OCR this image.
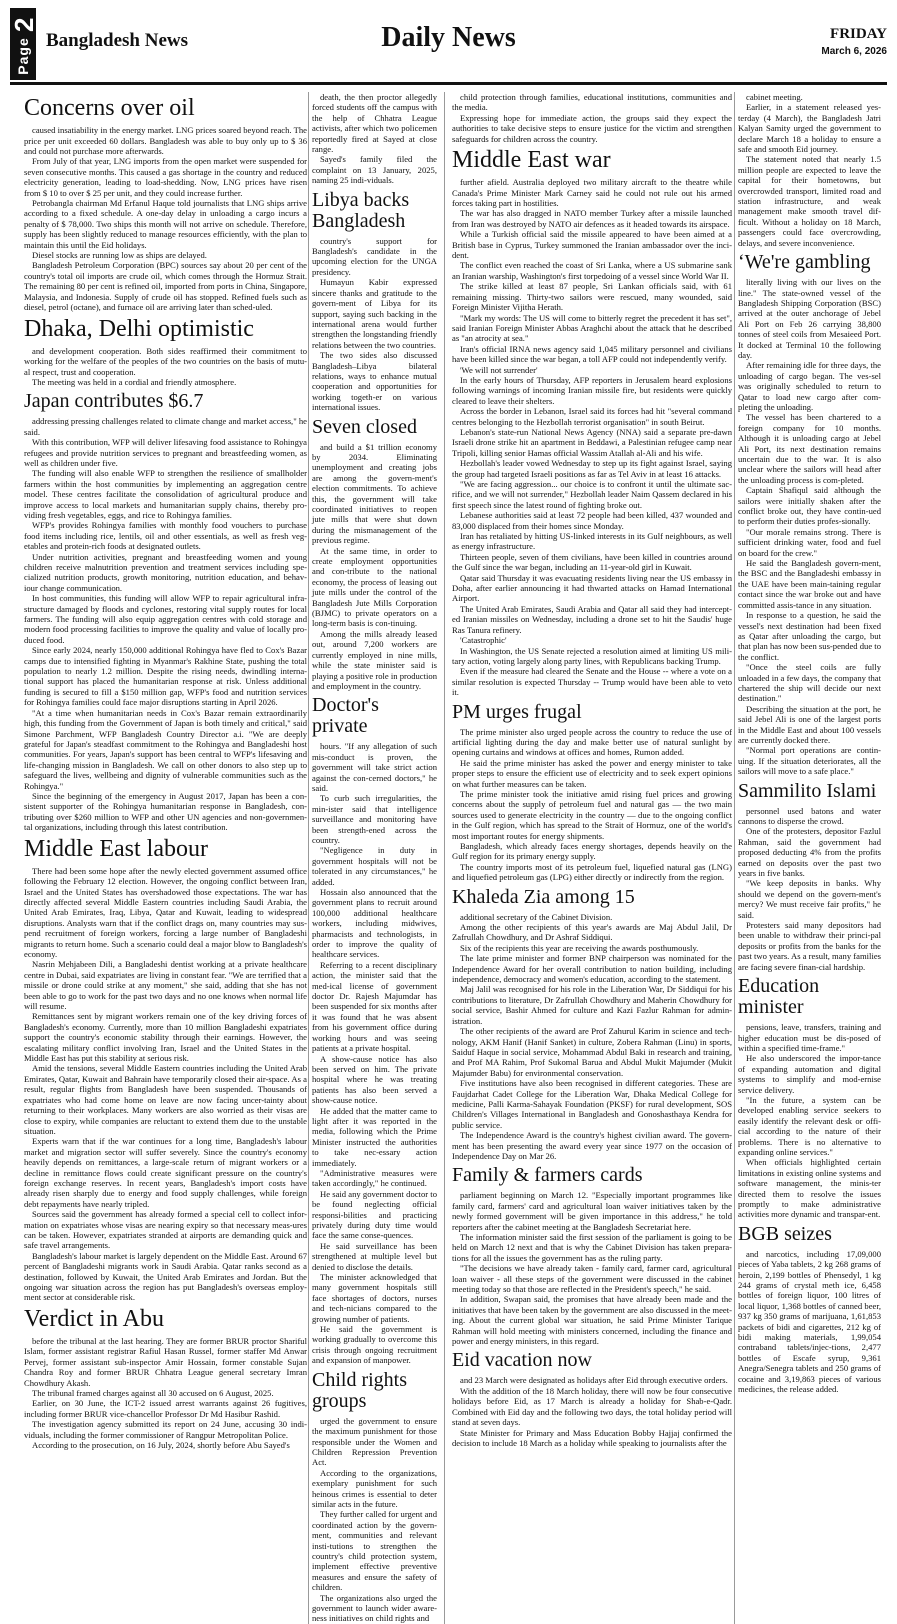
2
Page Bangladesh News	Daily News	FRIDAY
March 6, 2026
Concerns over oil

caused insatiability in the energy market. LNG prices soared beyond reach. The price per unit exceeded 60 dollars. Bangladesh was able to buy only up to $ 36 and could not purchase more afterwards.

From July of that year, LNG imports from the open market were suspended for seven consecutive months. This caused a gas shortage in the country and reduced electricity generation, leading to load-shedding. Now, LNG prices have risen from $ 10 to over $ 25 per unit, and they could increase further.

Petrobangla chairman Md Erfanul Haque told journalists that LNG ships arrive according to a fixed schedule. A one-day delay in unloading a cargo incurs a penalty of $ 78,000. Two ships this month will not arrive on schedule. Therefore, supply has been slightly reduced to manage resources efficiently, with the plan to maintain this until the Eid holidays.

Diesel stocks are running low as ships are delayed.

Bangladesh Petroleum Corporation (BPC) sources say about 20 per cent of the country's total oil imports are crude oil, which comes through the Hormuz Strait. The remaining 80 per cent is refined oil, imported from ports in China, Singapore, Malaysia, and Indonesia. Supply of crude oil has stopped. Refined fuels such as diesel, petrol (octane), and furnace oil are arriving later than sched-uled.

Dhaka, Delhi optimistic

and development cooperation. Both sides reaffirmed their commitment to working for the welfare of the peoples of the two countries on the basis of mutu-al respect, trust and cooperation.

The meeting was held in a cordial and friendly atmosphere.

Japan contributes $6.7

addressing pressing challenges related to climate change and market access," he said.

With this contribution, WFP will deliver lifesaving food assistance to Rohingya refugees and provide nutrition services to pregnant and breastfeeding women, as well as children under five.

The funding will also enable WFP to strengthen the resilience of smallholder farmers within the host communities by implementing an aggregation centre model. These centres facilitate the consolidation of agricultural produce and improve access to local markets and humanitarian supply chains, thereby pro-viding fresh vegetables, eggs, and rice to Rohingya families.

WFP's provides Rohingya families with monthly food vouchers to purchase food items including rice, lentils, oil and other essentials, as well as fresh veg-etables and protein-rich foods at designated outlets.

Under nutrition activities, pregnant and breastfeeding women and young children receive malnutrition prevention and treatment services including spe-cialized nutrition products, growth monitoring, nutrition education, and behav-iour change communication.

In host communities, this funding will allow WFP to repair agricultural infra-structure damaged by floods and cyclones, restoring vital supply routes for local farmers. The funding will also equip aggregation centres with cold storage and modern food processing facilities to improve the quality and value of locally pro-duced food.

Since early 2024, nearly 150,000 additional Rohingya have fled to Cox's Bazar camps due to intensified fighting in Myanmar's Rakhine State, pushing the total population to nearly 1.2 million. Despite the rising needs, dwindling interna-tional support has placed the humanitarian response at risk. Unless additional funding is secured to fill a $150 million gap, WFP's food and nutrition services for Rohingya families could face major disruptions starting in April 2026.

"At a time when humanitarian needs in Cox's Bazar remain extraordinarily high, this funding from the Government of Japan is both timely and critical," said Simone Parchment, WFP Bangladesh Country Director a.i. "We are deeply grateful for Japan's steadfast commitment to the Rohingya and Bangladeshi host communities. For years, Japan's support has been central to WFP's lifesaving and life-changing mission in Bangladesh. We call on other donors to also step up to safeguard the lives, wellbeing and dignity of vulnerable communities such as the Rohingya."

Since the beginning of the emergency in August 2017, Japan has been a con-sistent supporter of the Rohingya humanitarian response in Bangladesh, con-tributing over $260 million to WFP and other UN agencies and non-governmen-tal organizations, including through this latest contribution.

Middle East labour

There had been some hope after the newly elected government assumed office following the February 12 election. However, the ongoing conflict between Iran, Israel and the United States has overshadowed those expectations. The war has directly affected several Middle Eastern countries including Saudi Arabia, the United Arab Emirates, Iraq, Libya, Qatar and Kuwait, leading to widespread disruptions. Analysts warn that if the conflict drags on, many countries may sus-pend recruitment of foreign workers, forcing a large number of Bangladeshi migrants to return home. Such a scenario could deal a major blow to Bangladesh's economy.

Nasrin Mehjabeen Dili, a Bangladeshi dentist working at a private healthcare centre in Dubai, said expatriates are living in constant fear. "We are terrified that a missile or drone could strike at any moment," she said, adding that she has not been able to go to work for the past two days and no one knows when normal life will resume.

Remittances sent by migrant workers remain one of the key driving forces of Bangladesh's economy. Currently, more than 10 million Bangladeshi expatriates support the country's economic stability through their earnings. However, the escalating military conflict involving Iran, Israel and the United States in the Middle East has put this stability at serious risk.

Amid the tensions, several Middle Eastern countries including the United Arab Emirates, Qatar, Kuwait and Bahrain have temporarily closed their air-space. As a result, regular flights from Bangladesh have been suspended. Thousands of expatriates who had come home on leave are now facing uncer-tainty about returning to their workplaces. Many workers are also worried as their visas are close to expiry, while companies are reluctant to extend them due to the unstable situation.

Experts warn that if the war continues for a long time, Bangladesh's labour market and migration sector will suffer severely. Since the country's economy heavily depends on remittances, a large-scale return of migrant workers or a decline in remittance flows could create significant pressure on the country's foreign exchange reserves. In recent years, Bangladesh's import costs have already risen sharply due to energy and food supply challenges, while foreign debt repayments have nearly tripled.

Sources said the government has already formed a special cell to collect infor-mation on expatriates whose visas are nearing expiry so that necessary meas-ures can be taken. However, expatriates stranded at airports are demanding quick and safe travel arrangements.

Bangladesh's labour market is largely dependent on the Middle East. Around 67 percent of Bangladeshi migrants work in Saudi Arabia. Qatar ranks second as a destination, followed by Kuwait, the United Arab Emirates and Jordan. But the ongoing war situation across the region has put Bangladesh's overseas employ-ment sector at considerable risk.

Verdict in Abu

before the tribunal at the last hearing. They are former BRUR proctor Shariful Islam, former assistant registrar Rafiul Hasan Russel, former staffer Md Anwar Pervej, former assistant sub-inspector Amir Hossain, former constable Sujan Chandra Roy and former BRUR Chhatra League general secretary Imran Chowdhury Akash.

The tribunal framed charges against all 30 accused on 6 August, 2025.

Earlier, on 30 June, the ICT-2 issued arrest warrants against 26 fugitives, including former BRUR vice-chancellor Professor Dr Md Hasibur Rashid.

The investigation agency submitted its report on 24 June, accusing 30 indi-viduals, including the former commissioner of Rangpur Metropolitan Police.

According to the prosecution, on 16 July, 2024, shortly before Abu Sayed's

death, the then proctor allegedly forced students off the campus with the help of Chhatra League activists, after which two policemen reportedly fired at Sayed at close range.

Sayed's family filed the complaint on 13 January, 2025, naming 25 indi-viduals.

Libya backs Bangladesh

country's support for Bangladesh's candidate in the upcoming election for the UNGA presidency.

Humayun Kabir expressed sincere thanks and gratitude to the govern-ment of Libya for its support, saying such backing in the international arena would further strengthen the longstanding friendly relations between the two countries.

The two sides also discussed Bangladesh–Libya bilateral relations, ways to enhance mutual cooperation and opportunities for working togeth-er on various international issues.

Seven closed

and build a $1 trillion economy by 2034. Eliminating unemployment and creating jobs are among the govern-ment's election commitments. To achieve this, the government will take coordinated initiatives to reopen jute mills that were shut down during the mismanagement of the previous regime.

At the same time, in order to create employment opportunities and con-tribute to the national economy, the process of leasing out jute mills under the control of the Bangladesh Jute Mills Corporation (BJMC) to private operators on a long-term basis is con-tinuing.

Among the mills already leased out, around 7,200 workers are currently employed in nine mills, while the state minister said is playing a positive role in production and employment in the country.

Doctor's private

hours. "If any allegation of such mis-conduct is proven, the government will take strict action against the con-cerned doctors," he said.

To curb such irregularities, the min-ister said that intelligence surveillance and monitoring have been strength-ened across the country.

"Negligence in duty in government hospitals will not be tolerated in any circumstances," he added.

Hossain also announced that the government plans to recruit around 100,000 additional healthcare workers, including midwives, pharmacists and technologists, in order to improve the quality of healthcare services.

Referring to a recent disciplinary action, the minister said that the med-ical license of government doctor Dr. Rajesh Majumdar has been suspended for six months after it was found that he was absent from his government office during working hours and was seeing patients at a private hospital.

A show-cause notice has also been served on him. The private hospital where he was treating patients has also been served a show-cause notice.

He added that the matter came to light after it was reported in the media, following which the Prime Minister instructed the authorities to take nec-essary action immediately.

"Administrative measures were taken accordingly," he continued.

He said any government doctor to be found neglecting official responsi-bilities and practicing privately during duty time would face the same conse-quences.

He said surveillance has been strengthened at multiple level but denied to disclose the details.

The minister acknowledged that many government hospitals still face shortages of doctors, nurses and tech-nicians compared to the growing number of patients.

He said the government is working gradually to overcome this crisis through ongoing recruitment and expansion of manpower.

Child rights groups

urged the government to ensure the maximum punishment for those responsible under the Women and Children Repression Prevention Act.

According to the organizations, exemplary punishment for such heinous crimes is essential to deter similar acts in the future.

They further called for urgent and coordinated action by the govern-ment, communities and relevant insti-tutions to strengthen the country's child protection system, implement effective preventive measures and ensure the safety of children.

The organizations also urged the government to launch wider aware-ness initiatives on child rights and

child protection through families, educational institutions, communities and the media.

Expressing hope for immediate action, the groups said they expect the authorities to take decisive steps to ensure justice for the victim and strengthen safeguards for children across the country.

Middle East war

further afield. Australia deployed two military aircraft to the theatre while Canada's Prime Minister Mark Carney said he could not rule out his armed forces taking part in hostilities.

The war has also dragged in NATO member Turkey after a missile launched from Iran was destroyed by NATO air defences as it headed towards its airspace.

While a Turkish official said the missile appeared to have been aimed at a British base in Cyprus, Turkey summoned the Iranian ambassador over the inci-dent.

The conflict even reached the coast of Sri Lanka, where a US submarine sank an Iranian warship, Washington's first torpedoing of a vessel since World War II.

The strike killed at least 87 people, Sri Lankan officials said, with 61 remaining missing. Thirty-two sailors were rescued, many wounded, said Foreign Minister Vijitha Herath.

"Mark my words: The US will come to bitterly regret the precedent it has set", said Iranian Foreign Minister Abbas Araghchi about the attack that he described as "an atrocity at sea."

Iran's official IRNA news agency said 1,045 military personnel and civilians have been killed since the war began, a toll AFP could not independently verify.

'We will not surrender'

In the early hours of Thursday, AFP reporters in Jerusalem heard explosions following warnings of incoming Iranian missile fire, but residents were quickly cleared to leave their shelters.

Across the border in Lebanon, Israel said its forces had hit "several command centres belonging to the Hezbollah terrorist organisation" in south Beirut.

Lebanon's state-run National News Agency (NNA) said a separate pre-dawn Israeli drone strike hit an apartment in Beddawi, a Palestinian refugee camp near Tripoli, killing senior Hamas official Wassim Atallah al-Ali and his wife.

Hezbollah's leader vowed Wednesday to step up its fight against Israel, saying the group had targeted Israeli positions as far as Tel Aviv in at least 16 attacks.

"We are facing aggression... our choice is to confront it until the ultimate sac-rifice, and we will not surrender," Hezbollah leader Naim Qassem declared in his first speech since the latest round of fighting broke out.

Lebanese authorities said at least 72 people had been killed, 437 wounded and 83,000 displaced from their homes since Monday.

Iran has retaliated by hitting US-linked interests in its Gulf neighbours, as well as energy infrastructure.

Thirteen people, seven of them civilians, have been killed in countries around the Gulf since the war began, including an 11-year-old girl in Kuwait.

Qatar said Thursday it was evacuating residents living near the US embassy in Doha, after earlier announcing it had thwarted attacks on Hamad International Airport.

The United Arab Emirates, Saudi Arabia and Qatar all said they had intercept-ed Iranian missiles on Wednesday, including a drone set to hit the Saudis' huge Ras Tanura refinery.

'Catastrophic'

In Washington, the US Senate rejected a resolution aimed at limiting US mili-tary action, voting largely along party lines, with Republicans backing Trump.

Even if the measure had cleared the Senate and the House -- where a vote on a similar resolution is expected Thursday -- Trump would have been able to veto it.

PM urges frugal

The prime minister also urged people across the country to reduce the use of artificial lighting during the day and make better use of natural sunlight by opening curtains and windows at offices and homes, Rumon added.

He said the prime minister has asked the power and energy minister to take proper steps to ensure the efficient use of electricity and to seek expert opinions on what further measures can be taken.

The prime minister took the initiative amid rising fuel prices and growing concerns about the supply of petroleum fuel and natural gas — the two main sources used to generate electricity in the country — due to the ongoing conflict in the Gulf region, which has spread to the Strait of Hormuz, one of the world's most important routes for energy shipments.

Bangladesh, which already faces energy shortages, depends heavily on the Gulf region for its primary energy supply.

The country imports most of its petroleum fuel, liquefied natural gas (LNG) and liquefied petroleum gas (LPG) either directly or indirectly from the region.

Khaleda Zia among 15

additional secretary of the Cabinet Division.

Among the other recipients of this year's awards are Maj Abdul Jalil, Dr Zafrullah Chowdhury, and Dr Ashraf Siddiqui.

Six of the recipients this year are receiving the awards posthumously.

The late prime minister and former BNP chairperson was nominated for the Independence Award for her overall contribution to nation building, including independence, democracy and women's education, according to the statement.

Maj Jalil was recognised for his role in the Liberation War, Dr Siddiqui for his contributions to literature, Dr Zafrullah Chowdhury and Maherin Chowdhury for social service, Bashir Ahmed for culture and Kazi Fazlur Rahman for admin-istration.

The other recipients of the award are Prof Zahurul Karim in science and tech-nology, AKM Hanif (Hanif Sanket) in culture, Zobera Rahman (Linu) in sports, Saiduf Haque in social service, Mohammad Abdul Baki in research and training, and Prof MA Rahim, Prof Sukomal Barua and Abdul Mukit Majumder (Mukit Majumder Babu) for environmental conservation.

Five institutions have also been recognised in different categories. These are Faujdarhat Cadet College for the Liberation War, Dhaka Medical College for medicine, Palli Karma-Sahayak Foundation (PKSF) for rural development, SOS Children's Villages International in Bangladesh and Gonoshasthaya Kendra for public service.

The Independence Award is the country's highest civilian award. The govern-ment has been presenting the award every year since 1977 on the occasion of Independence Day on Mar 26.

Family & farmers cards

parliament beginning on March 12. "Especially important programmes like family card, farmers' card and agricultural loan waiver initiatives taken by the newly formed government will be given importance in this address," he told reporters after the cabinet meeting at the Bangladesh Secretariat here.

The information minister said the first session of the parliament is going to be held on March 12 next and that is why the Cabinet Division has taken prepara-tions for all the issues the government has as the ruling party.

"The decisions we have already taken - family card, farmer card, agricultural loan waiver - all these steps of the government were discussed in the cabinet meeting today so that those are reflected in the President's speech," he said.

In addition, Swapan said, the promises that have already been made and the initiatives that have been taken by the government are also discussed in the meet-ing. About the current global war situation, he said Prime Minister Tarique Rahman will hold meeting with ministers concerned, including the finance and power and energy ministers, in this regard.

Eid vacation now

and 23 March were designated as holidays after Eid through executive orders.

With the addition of the 18 March holiday, there will now be four consecutive holidays before Eid, as 17 March is already a holiday for Shab-e-Qadr. Combined with Eid day and the following two days, the total holiday period will stand at seven days.

State Minister for Primary and Mass Education Bobby Hajjaj confirmed the decision to include 18 March as a holiday while speaking to journalists after the

cabinet meeting.

Earlier, in a statement released yes-terday (4 March), the Bangladesh Jatri Kalyan Samity urged the government to declare March 18 a holiday to ensure a safe and smooth Eid journey.

The statement noted that nearly 1.5 million people are expected to leave the capital for their hometowns, but overcrowded transport, limited road and station infrastructure, and weak management make smooth travel dif-ficult. Without a holiday on 18 March, passengers could face overcrowding, delays, and severe inconvenience.

‘We're gambling

literally living with our lives on the line." The state-owned vessel of the Bangladesh Shipping Corporation (BSC) arrived at the outer anchorage of Jebel Ali Port on Feb 26 carrying 38,800 tonnes of steel coils from Mesaieed Port. It docked at Terminal 10 the following day.

After remaining idle for three days, the unloading of cargo began. The ves-sel was originally scheduled to return to Qatar to load new cargo after com-pleting the unloading.

The vessel has been chartered to a foreign company for 10 months. Although it is unloading cargo at Jebel Ali Port, its next destination remains uncertain due to the war. It is also unclear where the sailors will head after the unloading process is com-pleted.

Captain Shafiqul said although the sailors were initially shaken after the conflict broke out, they have contin-ued to perform their duties profes-sionally.

"Our morale remains strong. There is sufficient drinking water, food and fuel on board for the crew."

He said the Bangladesh govern-ment, the BSC and the Bangladeshi embassy in the UAE have been main-taining regular contact since the war broke out and have committed assis-tance in any situation.

In response to a question, he said the vessel's next destination had been fixed as Qatar after unloading the cargo, but that plan has now been sus-pended due to the conflict.

"Once the steel coils are fully unloaded in a few days, the company that chartered the ship will decide our next destination."

Describing the situation at the port, he said Jebel Ali is one of the largest ports in the Middle East and about 100 vessels are currently docked there.

"Normal port operations are contin-uing. If the situation deteriorates, all the sailors will move to a safe place."

Sammilito Islami

personnel used batons and water cannons to disperse the crowd.

One of the protesters, depositor Fazlul Rahman, said the government had proposed deducting 4% from the profits earned on deposits over the past two years in five banks.

"We keep deposits in banks. Why should we depend on the govern-ment's mercy? We must receive fair profits," he said.

Protesters said many depositors had been unable to withdraw their princi-pal deposits or profits from the banks for the past two years. As a result, many families are facing severe finan-cial hardship.

Education minister

pensions, leave, transfers, training and higher education must be dis-posed of within a specified time-frame."

He also underscored the impor-tance of expanding automation and digital systems to simplify and mod-ernise service delivery.

"In the future, a system can be developed enabling service seekers to easily identify the relevant desk or offi-cial according to the nature of their problems. There is no alternative to expanding online services."

When officials highlighted certain limitations in existing online systems and software management, the minis-ter directed them to resolve the issues promptly to make administrative activities more dynamic and transpar-ent.

BGB seizes

and narcotics, including 17,09,000 pieces of Yaba tablets, 2 kg 268 grams of heroin, 2,199 bottles of Phensedyl, 1 kg 244 grams of crystal meth ice, 6,458 bottles of foreign liquor, 100 litres of local liquor, 1,368 bottles of canned beer, 937 kg 350 grams of marijuana, 1,61,853 packets of bidi and cigarettes, 212 kg of bidi making materials, 1,99,054 contraband tablets/injec-tions, 2,477 bottles of Escafe syrup, 9,361 Anegra/Senegra tablets and 250 grams of cocaine and 3,19,863 pieces of various medicines, the release added.
